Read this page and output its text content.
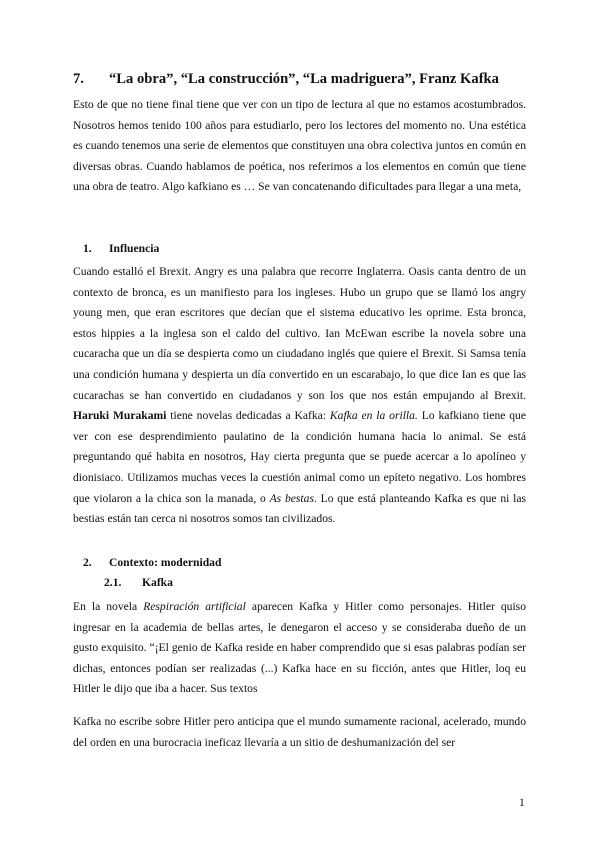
7. “La obra”, “La construcción”, “La madriguera”, Franz Kafka
Esto de que no tiene final tiene que ver con un tipo de lectura al que no estamos acostumbrados. Nosotros hemos tenido 100 años para estudiarlo, pero los lectores del momento no. Una estética es cuando tenemos una serie de elementos que constituyen una obra colectiva juntos en común en diversas obras. Cuando hablamos de poética, nos referimos a los elementos en común que tiene una obra de teatro. Algo kafkiano es … Se van concatenando dificultades para llegar a una meta,
1. Influencia
Cuando estalló el Brexit. Angry es una palabra que recorre Inglaterra. Oasis canta dentro de un contexto de bronca, es un manifiesto para los ingleses. Hubo un grupo que se llamó los angry young men, que eran escritores que decían que el sistema educativo les oprime. Esta bronca, estos hippies a la inglesa son el caldo del cultivo. Ian McEwan escribe la novela sobre una cucaracha que un día se despierta como un ciudadano inglés que quiere el Brexit. Si Samsa tenía una condición humana y despierta un día convertido en un escarabajo, lo que dice Ian es que las cucarachas se han convertido en ciudadanos y son los que nos están empujando al Brexit. Haruki Murakami tiene novelas dedicadas a Kafka: Kafka en la orilla. Lo kafkiano tiene que ver con ese desprendimiento paulatino de la condición humana hacia lo animal. Se está preguntando qué habita en nosotros, Hay cierta pregunta que se puede acercar a lo apolíneo y dionisiaco. Utilizamos muchas veces la cuestión animal como un epíteto negativo. Los hombres que violaron a la chica son la manada, o As bestas. Lo que está planteando Kafka es que ni las bestias están tan cerca ni nosotros somos tan civilizados.
2. Contexto: modernidad
2.1. Kafka
En la novela Respiración artificial aparecen Kafka y Hitler como personajes. Hitler quiso ingresar en la academia de bellas artes, le denegaron el acceso y se consideraba dueño de un gusto exquisito. “¡El genio de Kafka reside en haber comprendido que si esas palabras podían ser dichas, entonces podían ser realizadas (...) Kafka hace en su ficción, antes que Hitler, loq eu Hitler le dijo que iba a hacer. Sus textos
Kafka no escribe sobre Hitler pero anticipa que el mundo sumamente racional, acelerado, mundo del orden en una burocracia ineficaz llevaría a un sitio de deshumanización del ser
1
